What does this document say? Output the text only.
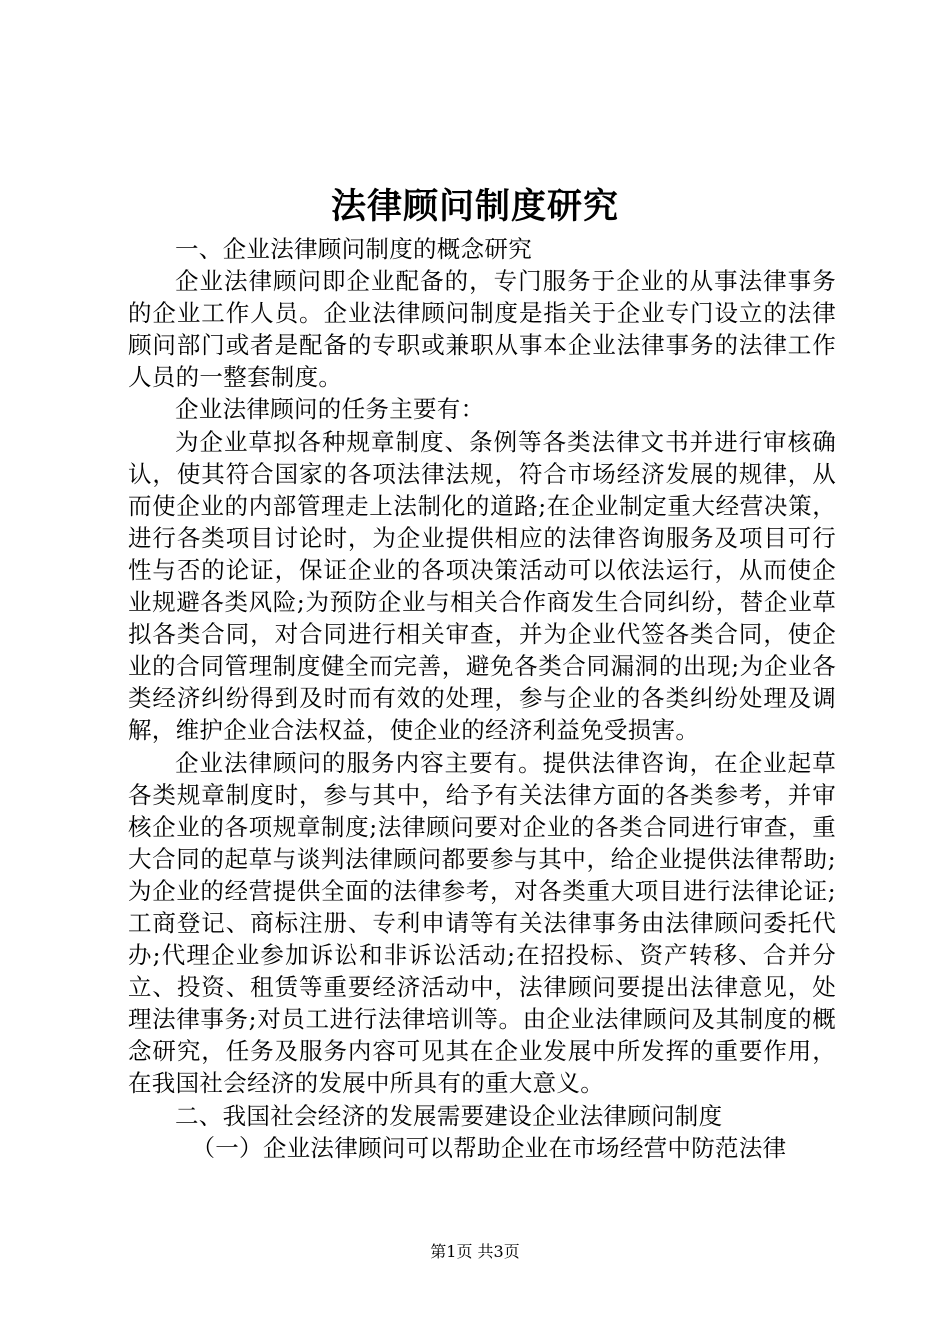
法律顾问制度研究

一、企业法律顾问制度的概念研究

企业法律顾问即企业配备的，专门服务于企业的从事法律事务的企业工作人员。企业法律顾问制度是指关于企业专门设立的法律顾问部门或者是配备的专职或兼职从事本企业法律事务的法律工作人员的一整套制度。

企业法律顾问的任务主要有：

为企业草拟各种规章制度、条例等各类法律文书并进行审核确认，使其符合国家的各项法律法规，符合市场经济发展的规律，从而使企业的内部管理走上法制化的道路;在企业制定重大经营决策，进行各类项目讨论时，为企业提供相应的法律咨询服务及项目可行性与否的论证，保证企业的各项决策活动可以依法运行，从而使企业规避各类风险;为预防企业与相关合作商发生合同纠纷，替企业草拟各类合同，对合同进行相关审查，并为企业代签各类合同，使企业的合同管理制度健全而完善，避免各类合同漏洞的出现;为企业各类经济纠纷得到及时而有效的处理，参与企业的各类纠纷处理及调解，维护企业合法权益，使企业的经济利益免受损害。

企业法律顾问的服务内容主要有。提供法律咨询，在企业起草各类规章制度时，参与其中，给予有关法律方面的各类参考，并审核企业的各项规章制度;法律顾问要对企业的各类合同进行审查，重大合同的起草与谈判法律顾问都要参与其中，给企业提供法律帮助;为企业的经营提供全面的法律参考，对各类重大项目进行法律论证;工商登记、商标注册、专利申请等有关法律事务由法律顾问委托代办;代理企业参加诉讼和非诉讼活动;在招投标、资产转移、合并分立、投资、租赁等重要经济活动中，法律顾问要提出法律意见，处理法律事务;对员工进行法律培训等。由企业法律顾问及其制度的概念研究，任务及服务内容可见其在企业发展中所发挥的重要作用，在我国社会经济的发展中所具有的重大意义。

二、我国社会经济的发展需要建设企业法律顾问制度

（一）企业法律顾问可以帮助企业在市场经营中防范法律

第1页 共3页
